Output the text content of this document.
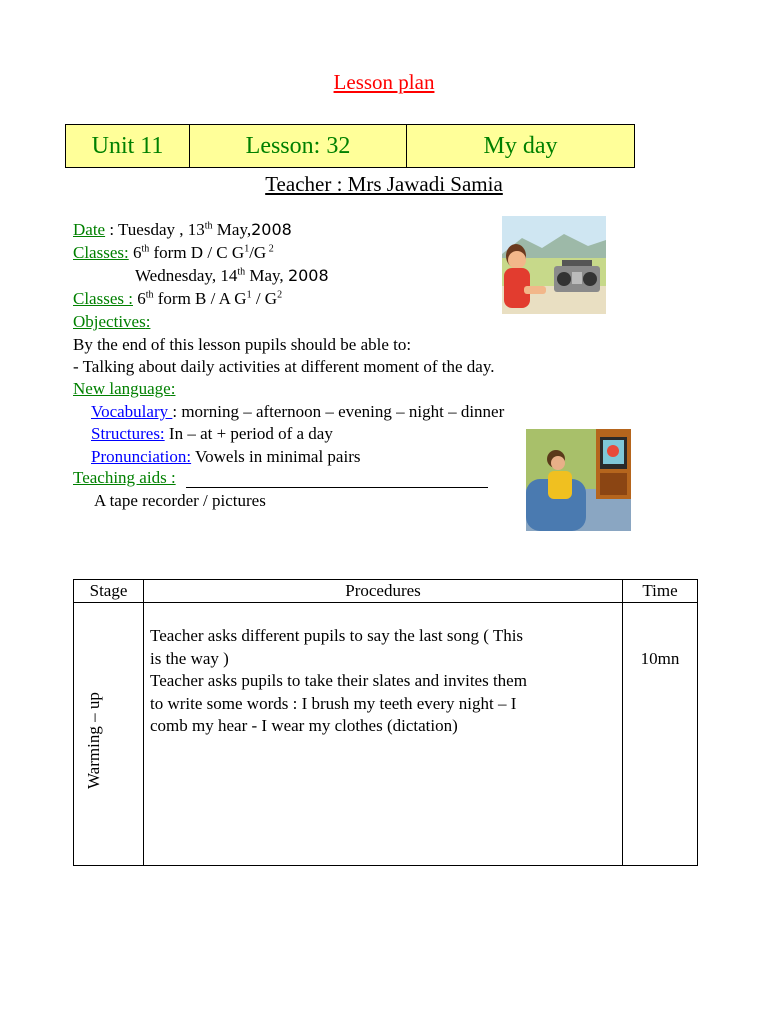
Lesson plan
Unit 11	Lesson: 32	My day
Teacher : Mrs Jawadi Samia
Date : Tuesday , 13th May,2008
Classes: 6th form D / C $G^1/G$ $^2$
Wednesday, 14th May, 2008
Classes : 6th form B / A $G^1 / G^2$
Objectives:
By the end of this lesson pupils should be able to:
- Talking about daily activities at different moment of the day.
New language:
Vocabulary : morning – afternoon – evening – night – dinner
Structures: In – at + period of a day
Pronunciation: Vowels in minimal pairs
Teaching aids :
A tape recorder / pictures
Stage	Procedures	Time

Warming – up	Teacher asks different pupils to say the last song ( This
is the way )
Teacher asks pupils to take their slates and invites them
to write some words : I brush my teeth every night – I
comb my hear - I wear my clothes (dictation)	10mn
